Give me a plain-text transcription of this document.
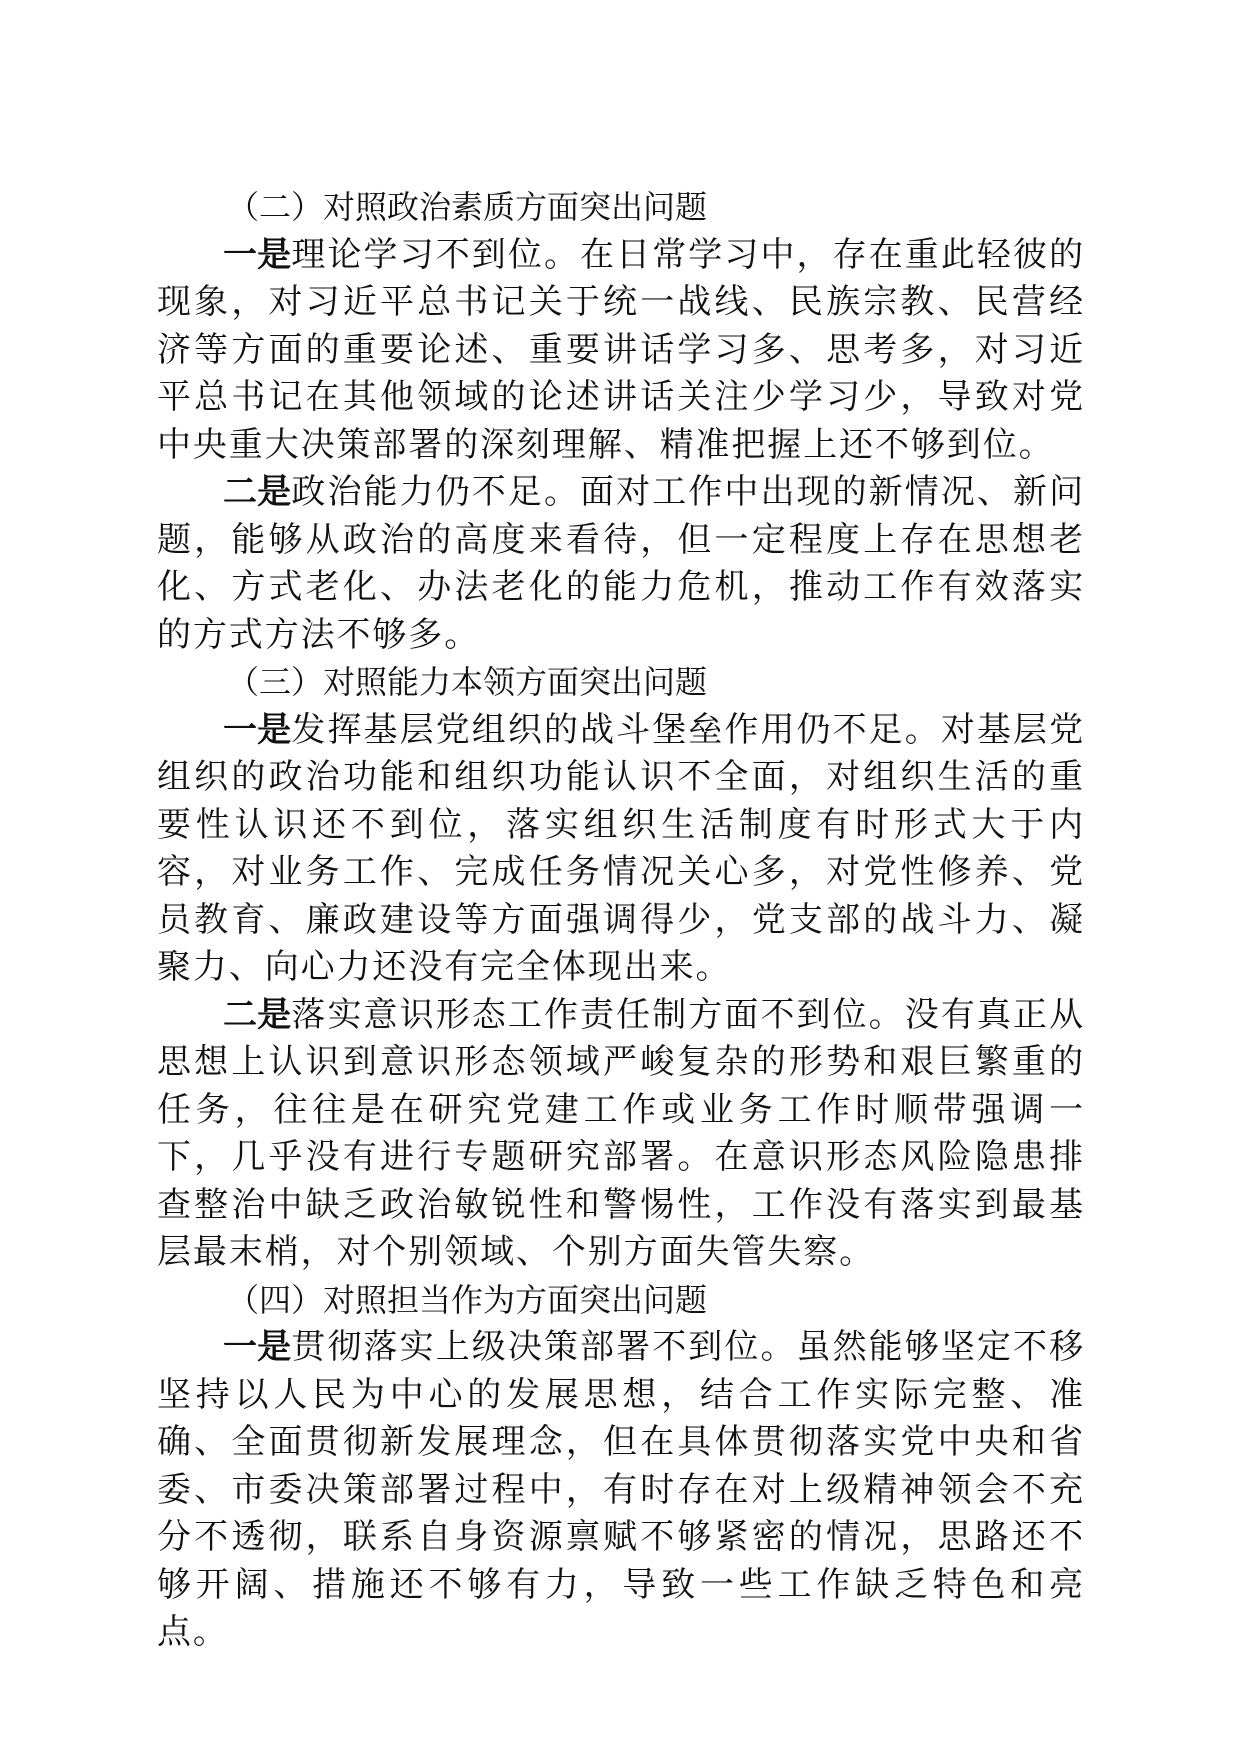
（二）对照政治素质方面突出问题

一是理论学习不到位。在日常学习中，存在重此轻彼的现象，对习近平总书记关于统一战线、民族宗教、民营经济等方面的重要论述、重要讲话学习多、思考多，对习近平总书记在其他领域的论述讲话关注少学习少，导致对党中央重大决策部署的深刻理解、精准把握上还不够到位。

二是政治能力仍不足。面对工作中出现的新情况、新问题，能够从政治的高度来看待，但一定程度上存在思想老化、方式老化、办法老化的能力危机，推动工作有效落实的方式方法不够多。

（三）对照能力本领方面突出问题

一是发挥基层党组织的战斗堡垒作用仍不足。对基层党组织的政治功能和组织功能认识不全面，对组织生活的重要性认识还不到位，落实组织生活制度有时形式大于内容，对业务工作、完成任务情况关心多，对党性修养、党员教育、廉政建设等方面强调得少，党支部的战斗力、凝聚力、向心力还没有完全体现出来。

二是落实意识形态工作责任制方面不到位。没有真正从思想上认识到意识形态领域严峻复杂的形势和艰巨繁重的任务，往往是在研究党建工作或业务工作时顺带强调一下，几乎没有进行专题研究部署。在意识形态风险隐患排查整治中缺乏政治敏锐性和警惕性，工作没有落实到最基层最末梢，对个别领域、个别方面失管失察。

（四）对照担当作为方面突出问题

一是贯彻落实上级决策部署不到位。虽然能够坚定不移坚持以人民为中心的发展思想，结合工作实际完整、准确、全面贯彻新发展理念，但在具体贯彻落实党中央和省委、市委决策部署过程中，有时存在对上级精神领会不充分不透彻，联系自身资源禀赋不够紧密的情况，思路还不够开阔、措施还不够有力，导致一些工作缺乏特色和亮点。
